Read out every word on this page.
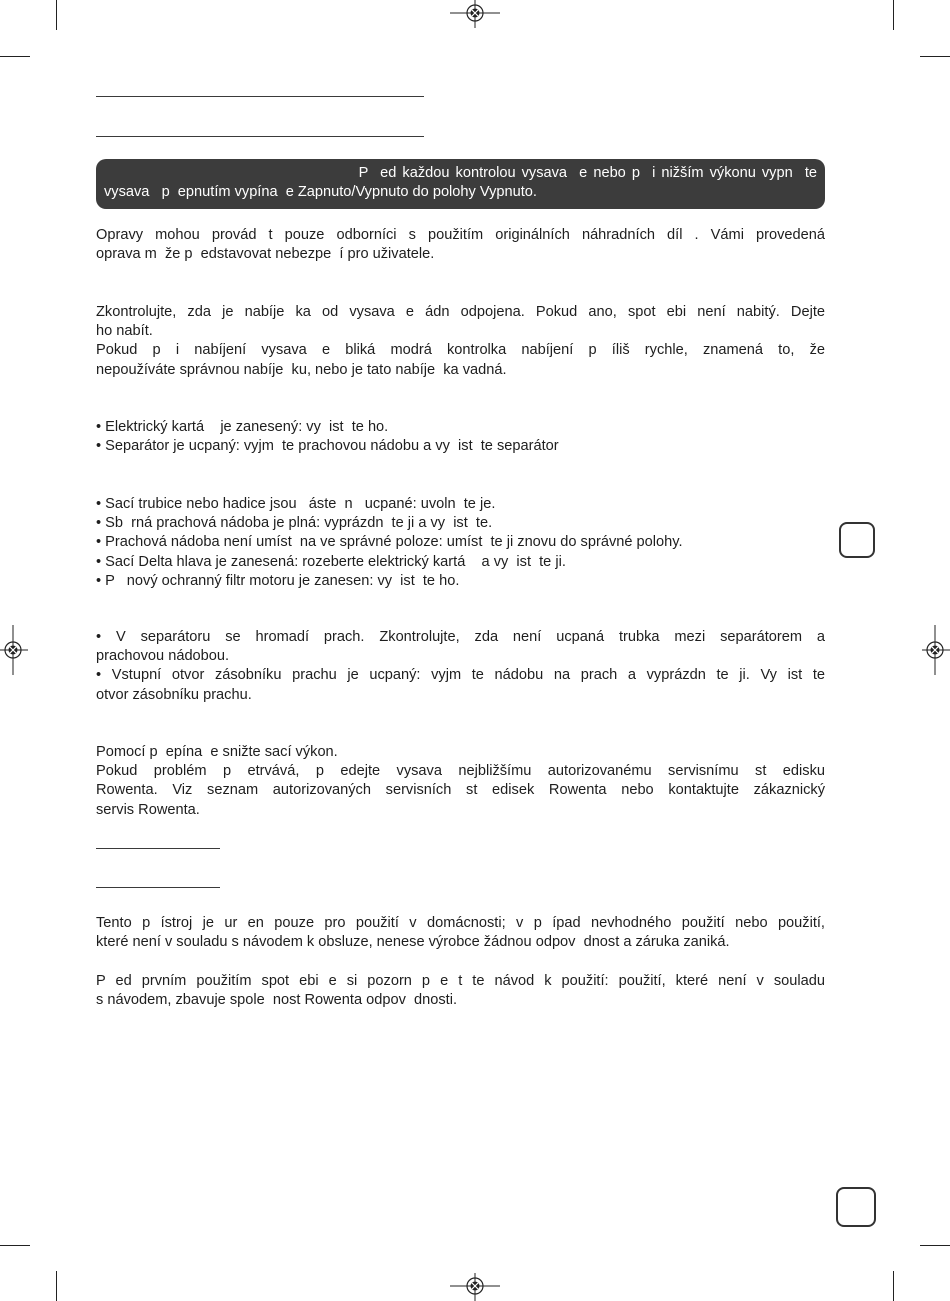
P  ed každou kontrolou vysava  e nebo p  i nižším výkonu vypn  te
vysava   p  epnutím vypína  e Zapnuto/Vypnuto do polohy Vypnuto.
Opravy mohou provád t pouze odborníci s použitím originálních náhradních díl . Vámi provedená
oprava m  že p  edstavovat nebezpe  í pro uživatele.
Zkontrolujte, zda je nabíje ka od vysava e ádn odpojena. Pokud ano, spot ebi není nabitý. Dejte
ho nabít.
Pokud p i nabíjení vysava e bliká modrá kontrolka nabíjení p íliš rychle, znamená to, že
nepoužíváte správnou nabíje  ku, nebo je tato nabíje  ka vadná.
• Elektrický kartá    je zanesený: vy  ist  te ho.
• Separátor je ucpaný: vyjm  te prachovou nádobu a vy  ist  te separátor
• Sací trubice nebo hadice jsou   áste  n   ucpané: uvoln  te je.
• Sb  rná prachová nádoba je plná: vyprázdn  te ji a vy  ist  te.
• Prachová nádoba není umíst  na ve správné poloze: umíst  te ji znovu do správné polohy.
• Sací Delta hlava je zanesená: rozeberte elektrický kartá    a vy  ist  te ji.
• P   nový ochranný filtr motoru je zanesen: vy  ist  te ho.
• V separátoru se hromadí prach. Zkontrolujte, zda není ucpaná trubka mezi separátorem a
prachovou nádobou.
• Vstupní otvor zásobníku prachu je ucpaný: vyjm te nádobu na prach a vyprázdn te ji. Vy ist te
otvor zásobníku prachu.
Pomocí p  epína  e snižte sací výkon.
Pokud problém p etrvává, p edejte vysava nejbližšímu autorizovanému servisnímu st edisku
Rowenta. Viz seznam autorizovaných servisních st edisek Rowenta nebo kontaktujte zákaznický
servis Rowenta.
Tento p ístroj je ur en pouze pro použití v domácnosti; v p ípad nevhodného použití nebo použití,
které není v souladu s návodem k obsluze, nenese výrobce žádnou odpov  dnost a záruka zaniká.
P ed prvním použitím spot ebi e si pozorn p e t te návod k použití: použití, které není v souladu
s návodem, zbavuje spole  nost Rowenta odpov  dnosti.
